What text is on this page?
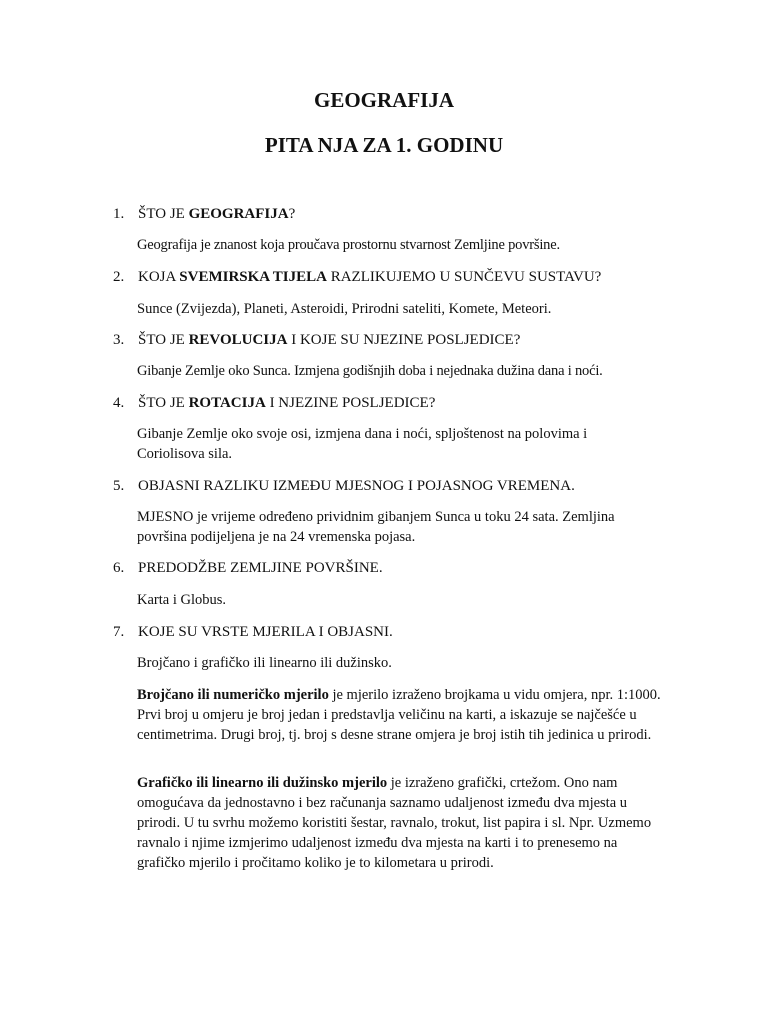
GEOGRAFIJA
PITA NJA ZA 1. GODINU
1. ŠTO JE GEOGRAFIJA?
Geografija je znanost koja proučava prostornu stvarnost Zemljine površine.
2. KOJA SVEMIRSKA TIJELA RAZLIKUJEMO U SUNČEVU SUSTAVU?
Sunce (Zvijezda), Planeti, Asteroidi, Prirodni sateliti, Komete, Meteori.
3. ŠTO JE REVOLUCIJA I KOJE SU NJEZINE POSLJEDICE?
Gibanje Zemlje oko Sunca. Izmjena godišnjih doba i nejednaka dužina dana i noći.
4. ŠTO JE ROTACIJA I NJEZINE POSLJEDICE?
Gibanje Zemlje oko svoje osi, izmjena dana i noći, spljoštenost na polovima i Coriolisova sila.
5. OBJASNI RAZLIKU IZMEĐU MJESNOG I POJASNOG VREMENA.
MJESNO je vrijeme određeno prividnim gibanjem Sunca u toku 24 sata. Zemljina površina podijeljena je na 24 vremenska pojasa.
6. PREDODŽBE ZEMLJINE POVRŠINE.
Karta i Globus.
7. KOJE SU VRSTE MJERILA I OBJASNI.
Brojčano i grafičko ili linearno ili dužinsko.
Brojčano ili numeričko mjerilo je mjerilo izraženo brojkama u vidu omjera, npr. 1:1000. Prvi broj u omjeru je broj jedan i predstavlja veličinu na karti, a iskazuje se najčešće u centimetrima. Drugi broj, tj. broj s desne strane omjera je broj istih tih jedinica u prirodi.
Grafičko ili linearno ili dužinsko mjerilo je izraženo grafički, crtežom. Ono nam omogućava da jednostavno i bez računanja saznamo udaljenost između dva mjesta u prirodi. U tu svrhu možemo koristiti šestar, ravnalo, trokut, list papira i sl. Npr. Uzmemo ravnalo i njime izmjerimo udaljenost između dva mjesta na karti i to prenesemo na grafičko mjerilo i pročitamo koliko je to kilometara u prirodi.
